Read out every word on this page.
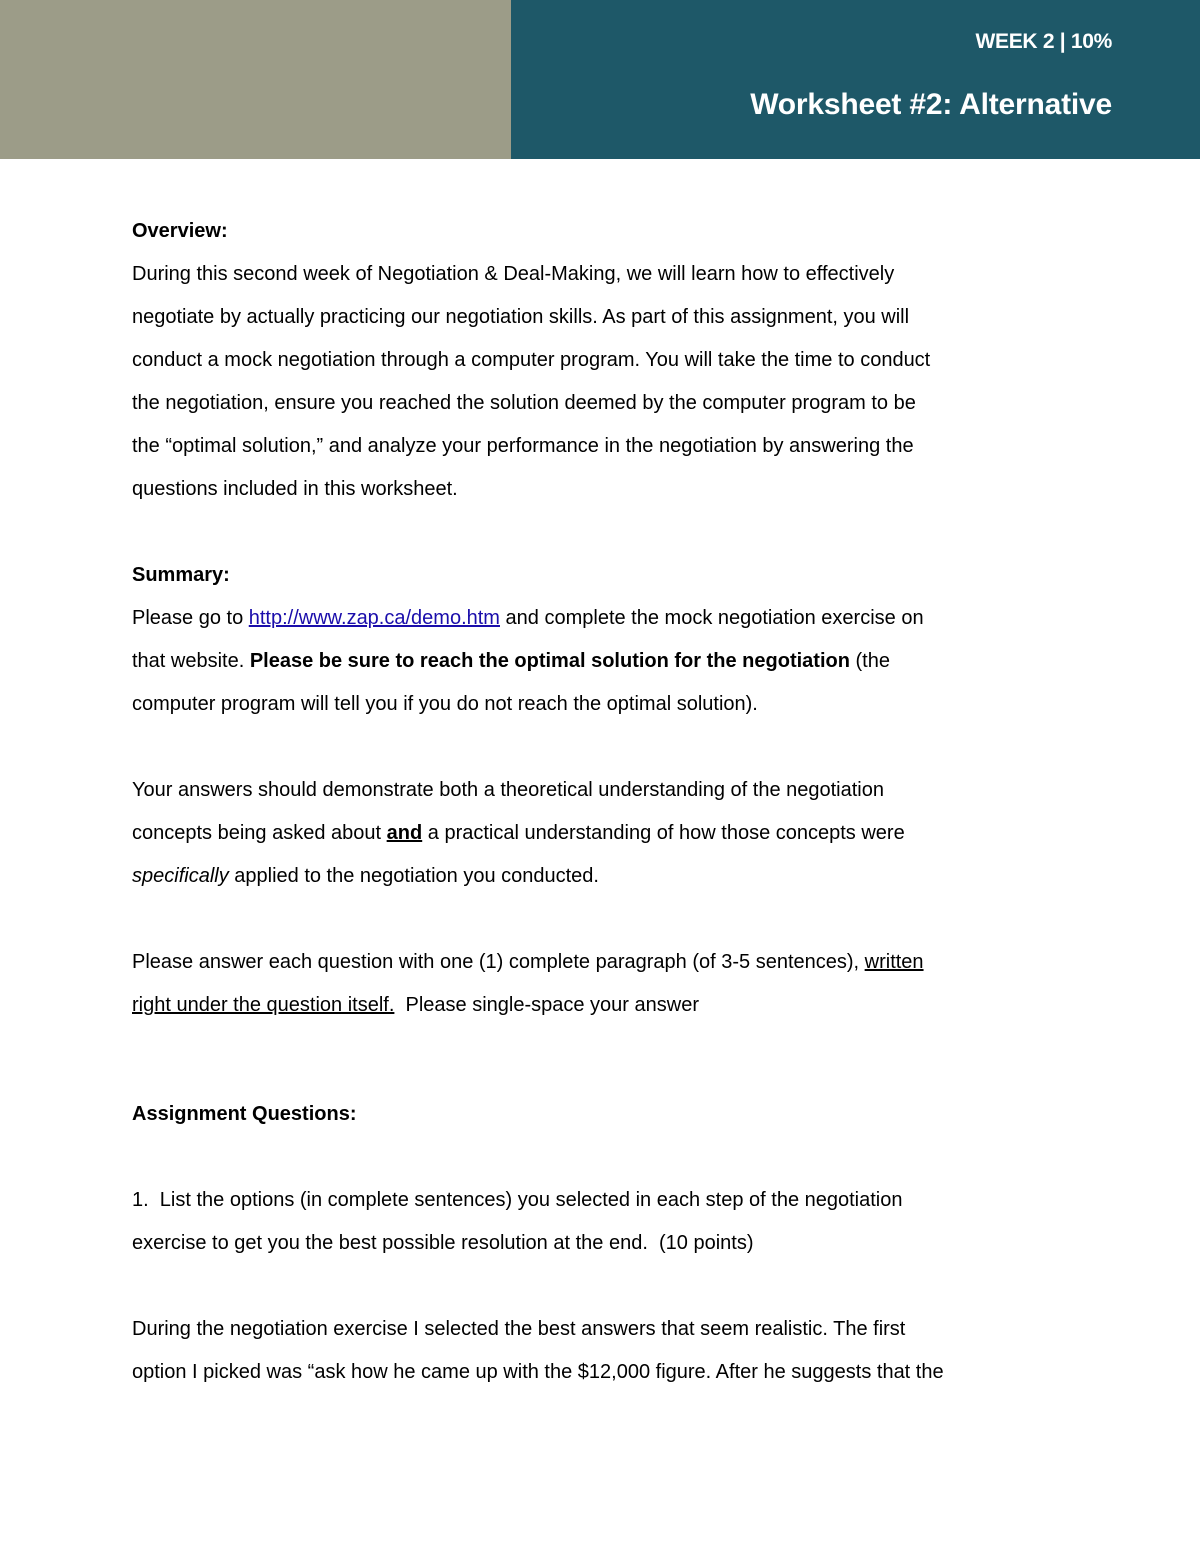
WEEK 2 | 10%
Worksheet #2: Alternative

Overview:

During this second week of Negotiation & Deal-Making, we will learn how to effectively

negotiate by actually practicing our negotiation skills. As part of this assignment, you will

conduct a mock negotiation through a computer program. You will take the time to conduct

the negotiation, ensure you reached the solution deemed by the computer program to be

the “optimal solution,” and analyze your performance in the negotiation by answering the

questions included in this worksheet.

Summary:

Please go to http://www.zap.ca/demo.htm and complete the mock negotiation exercise on

that website. Please be sure to reach the optimal solution for the negotiation (the

computer program will tell you if you do not reach the optimal solution).

Your answers should demonstrate both a theoretical understanding of the negotiation

concepts being asked about and a practical understanding of how those concepts were

specifically applied to the negotiation you conducted.

Please answer each question with one (1) complete paragraph (of 3-5 sentences), written

right under the question itself.  Please single-space your answer

Assignment Questions:

1.  List the options (in complete sentences) you selected in each step of the negotiation

exercise to get you the best possible resolution at the end.  (10 points)

During the negotiation exercise I selected the best answers that seem realistic. The first

option I picked was “ask how he came up with the $12,000 figure. After he suggests that the
